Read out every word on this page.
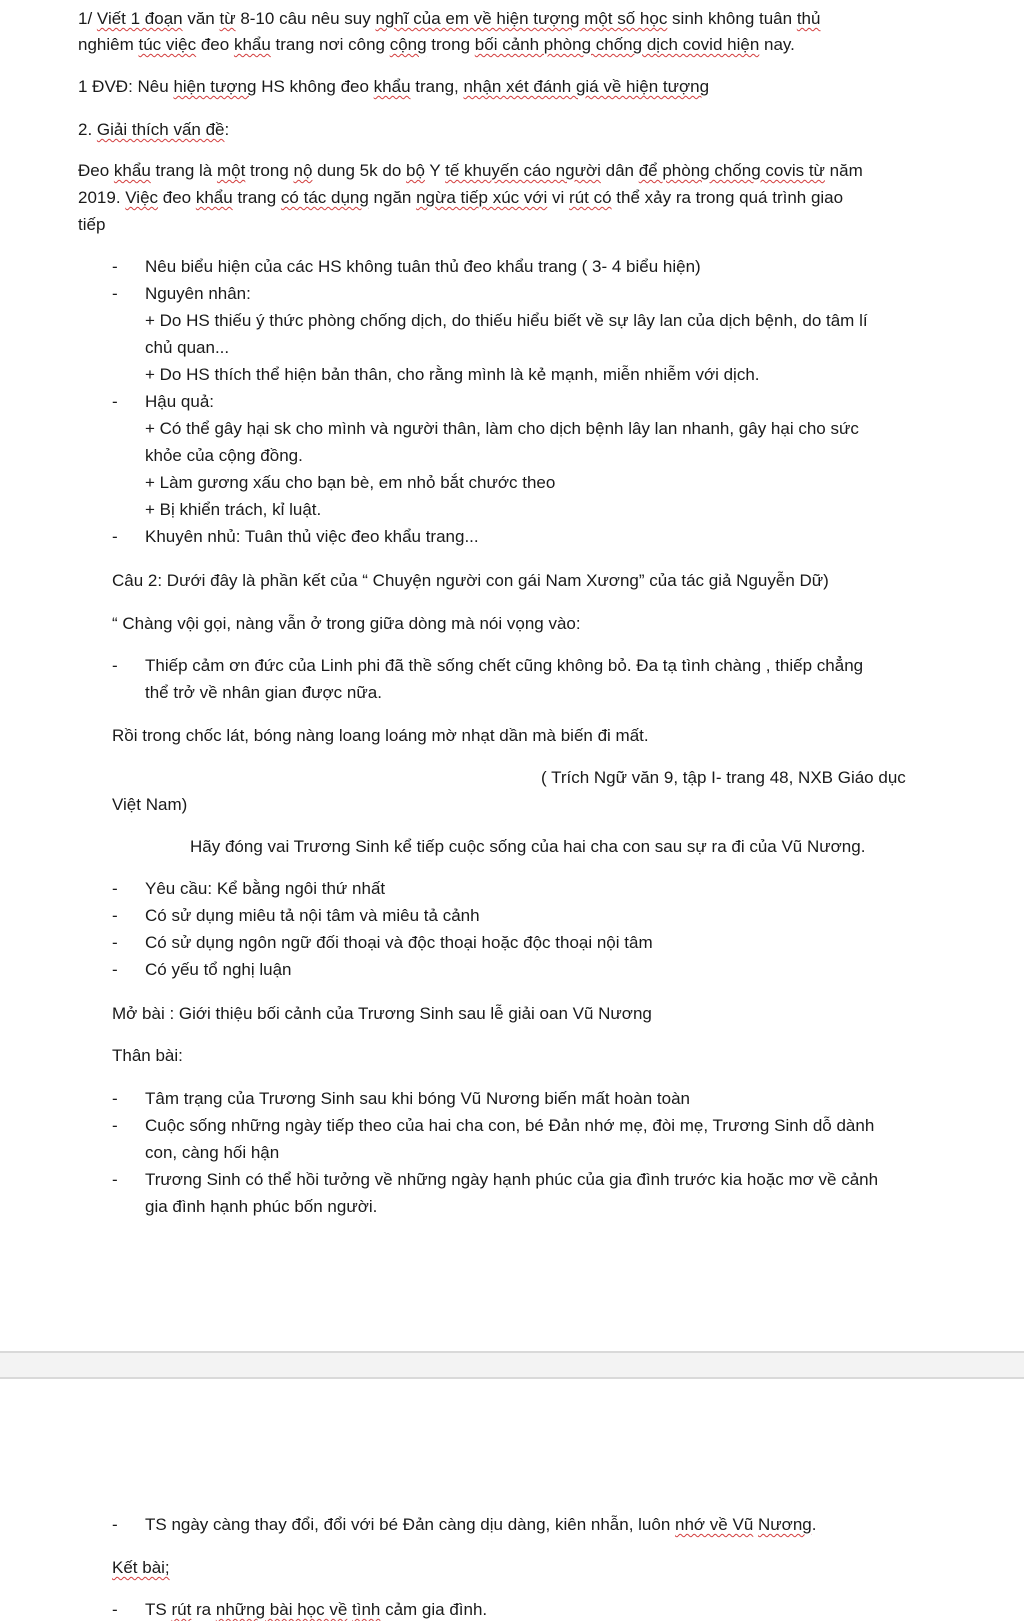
1/ Viết 1 đoạn văn từ 8-10 câu nêu suy nghĩ của em về hiện tượng một số học sinh không tuân thủ
nghiêm túc việc đeo khẩu trang nơi công cộng trong bối cảnh phòng chống dịch covid hiện nay.
1 ĐVĐ: Nêu hiện tượng HS không đeo khẩu trang, nhận xét đánh giá về hiện tượng
2. Giải thích vấn đề:
Đeo khẩu trang là một trong nộ dung 5k do bộ Y tế khuyến cáo người dân để phòng chống covis từ năm
2019. Việc đeo khẩu trang có tác dụng ngăn ngừa tiếp xúc với vi rút có thể xảy ra trong quá trình giao
tiếp
- Nêu biểu hiện của các HS không tuân thủ đeo khẩu trang ( 3- 4 biểu hiện)
- Nguyên nhân:
+ Do HS thiếu ý thức phòng chống dịch, do thiếu hiểu biết về sự lây lan của dịch bệnh, do tâm lí
chủ quan...
+ Do HS thích thể hiện bản thân, cho rằng mình là kẻ mạnh, miễn nhiễm với dịch.
- Hậu quả:
+ Có thể gây hại sk cho mình và người thân, làm cho dịch bệnh lây lan nhanh, gây hại cho sức
khỏe của cộng đồng.
+ Làm gương xấu cho bạn bè, em nhỏ bắt chước theo
+ Bị khiển trách, kỉ luật.
- Khuyên nhủ: Tuân thủ việc đeo khẩu trang...
Câu 2: Dưới đây là phần kết của “ Chuyện người con gái Nam Xương” của tác giả Nguyễn Dữ)
“ Chàng vội gọi, nàng vẫn ở trong giữa dòng mà nói vọng vào:
- Thiếp cảm ơn đức của Linh phi đã thề sống chết cũng không bỏ. Đa tạ tình chàng , thiếp chẳng
thể trở về nhân gian được nữa.
Rồi trong chốc lát, bóng nàng loang loáng mờ nhạt dần mà biến đi mất.
( Trích Ngữ văn 9, tập I- trang 48, NXB Giáo dục
Việt Nam)
Hãy đóng vai Trương Sinh kể tiếp cuộc sống của hai cha con sau sự ra đi của Vũ Nương.
- Yêu cầu: Kể bằng ngôi thứ nhất
- Có sử dụng miêu tả nội tâm và miêu tả cảnh
- Có sử dụng ngôn ngữ đối thoại và độc thoại hoặc độc thoại nội tâm
- Có yếu tổ nghị luận
Mở bài : Giới thiệu bối cảnh của Trương Sinh sau lễ giải oan Vũ Nương
Thân bài:
- Tâm trạng của Trương Sinh sau khi bóng Vũ Nương biến mất hoàn toàn
- Cuộc sống những ngày tiếp theo của hai cha con, bé Đản nhớ mẹ, đòi mẹ, Trương Sinh dỗ dành
con, càng hối hận
- Trương Sinh có thể hồi tưởng về những ngày hạnh phúc của gia đình trước kia hoặc mơ về cảnh
gia đình hạnh phúc bốn người.
- TS ngày càng thay đổi, đổi với bé Đản càng dịu dàng, kiên nhẫn, luôn nhớ về Vũ Nương.
Kết bài;
- TS rút ra những bài học về tình cảm gia đình.
